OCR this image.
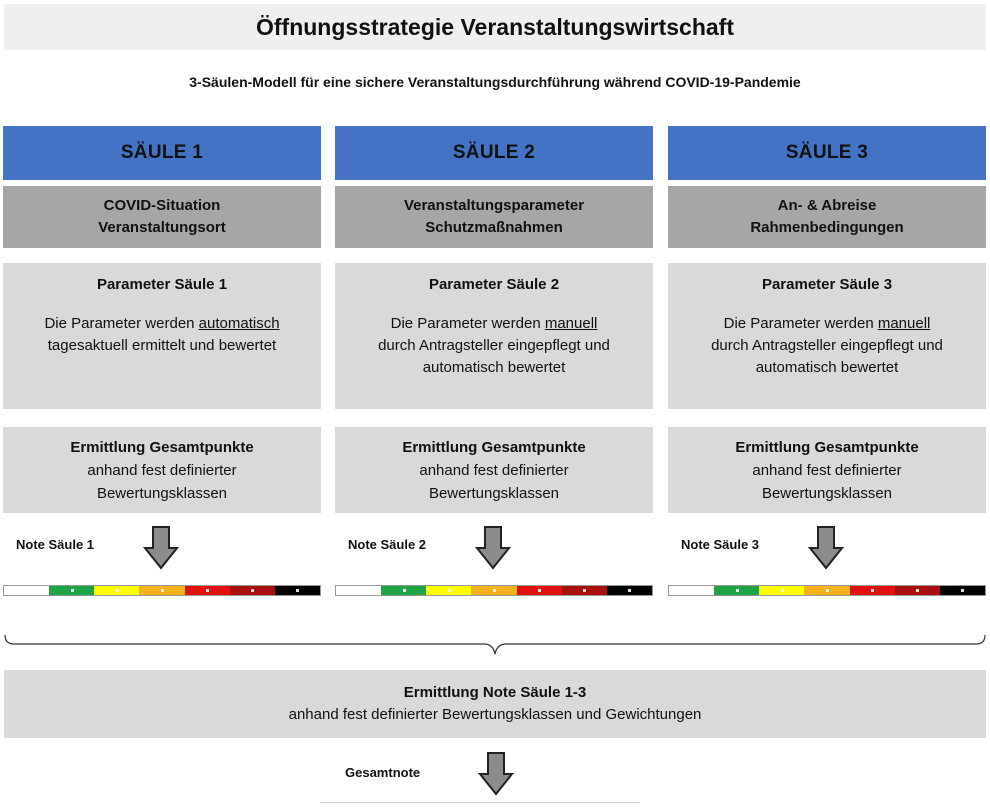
Öffnungsstrategie Veranstaltungswirtschaft
3-Säulen-Modell für eine sichere Veranstaltungsdurchführung während COVID-19-Pandemie
SÄULE 1
COVID-Situation
Veranstaltungsort
Parameter Säule 1
Die Parameter werden automatisch
tagesaktuell ermittelt und bewertet

Ermittlung Gesamtpunkte
anhand fest definierter
Bewertungsklassen
Note Säule 1
SÄULE 2
Veranstaltungsparameter
Schutzmaßnahmen
Parameter Säule 2
Die Parameter werden manuell
durch Antragsteller eingepflegt und
automatisch bewertet
Ermittlung Gesamtpunkte
anhand fest definierter
Bewertungsklassen
Note Säule 2
SÄULE 3
An- & Abreise
Rahmenbedingungen
Parameter Säule 3
Die Parameter werden manuell
durch Antragsteller eingepflegt und
automatisch bewertet
Ermittlung Gesamtpunkte
anhand fest definierter
Bewertungsklassen
Note Säule 3
Ermittlung Note Säule 1-3
anhand fest definierter Bewertungsklassen und Gewichtungen
Gesamtnote
